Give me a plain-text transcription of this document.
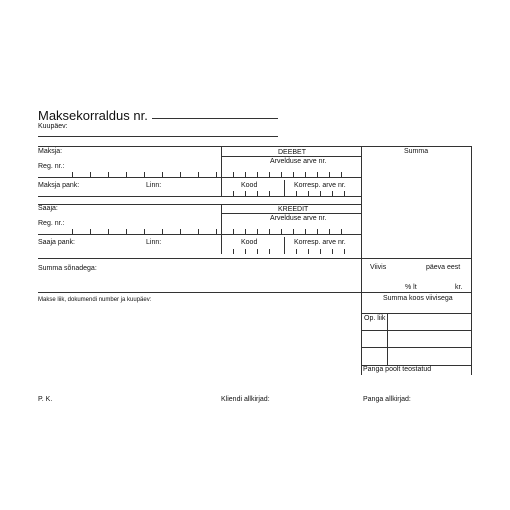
Maksekorraldus nr.
Kuupäev:
Maksja:
Reg. nr.:
DEEBET
Arvelduse arve nr.
Summa
Maksja pank:	Linn:	Kood	Korresp. arve nr.
Saaja:
Reg. nr.:
KREEDIT
Arvelduse arve nr.
Saaja pank:	Linn:	Kood	Korresp. arve nr.
Summa sõnadega:	Viivis	päeva eest
% lt	kr.
Makse liik, dokumendi number ja kuupäev:	Summa koos viivisega
Op. liik
Panga poolt teostatud
P. K.	Kliendi allkirjad:	Panga allkirjad:
